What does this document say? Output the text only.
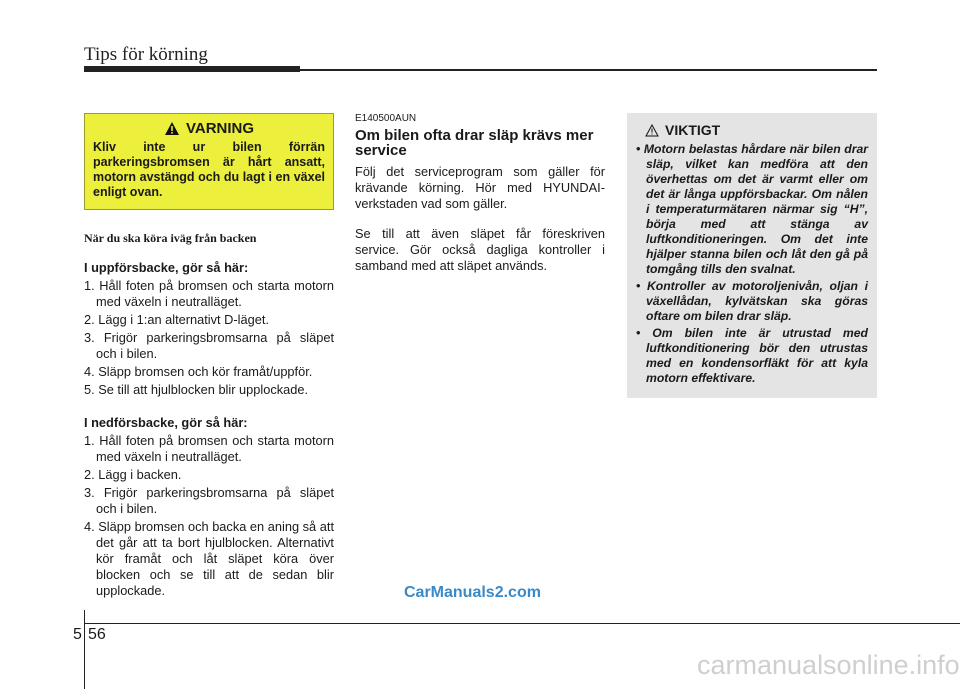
Tips för körning
VARNING
Kliv inte ur bilen förrän parkeringsbromsen är hårt ansatt, motorn avstängd och du lagt i en växel enligt ovan.
När du ska köra iväg från backen
I uppförsbacke, gör så här:
1. Håll foten på bromsen och starta motorn med växeln i neutralläget.
2. Lägg i 1:an alternativt D-läget.
3. Frigör parkeringsbromsarna på släpet och i bilen.
4. Släpp bromsen och kör framåt/uppför.
5. Se till att hjulblocken blir upplockade.
I nedförsbacke, gör så här:
1. Håll foten på bromsen och starta motorn med växeln i neutralläget.
2. Lägg i backen.
3. Frigör parkeringsbromsarna på släpet och i bilen.
4. Släpp bromsen och backa en aning så att det går att ta bort hjulblocken. Alternativt kör framåt och låt släpet köra över blocken och se till att de sedan blir upplockade.
E140500AUN
Om bilen ofta drar släp krävs mer service
Följ det serviceprogram som gäller för krävande körning. Hör med HYUNDAI-verkstaden vad som gäller.
Se till att även släpet får föreskriven service. Gör också dagliga kontroller i samband med att släpet används.
VIKTIGT
• Motorn belastas hårdare när bilen drar släp, vilket kan medföra att den överhettas om det är varmt eller om det är långa uppförsbackar. Om nålen i temperaturmätaren närmar sig “H”, börja med att stänga av luftkonditioneringen. Om det inte hjälper stanna bilen och låt den gå på tomgång tills den svalnat.
• Kontroller av motoroljenivån, oljan i växellådan, kylvätskan ska göras oftare om bilen drar släp.
• Om bilen inte är utrustad med luftkonditionering bör den utrustas med en kondensorfläkt för att kyla motorn effektivare.
CarManuals2.com
5 56
carmanualsonline.info
